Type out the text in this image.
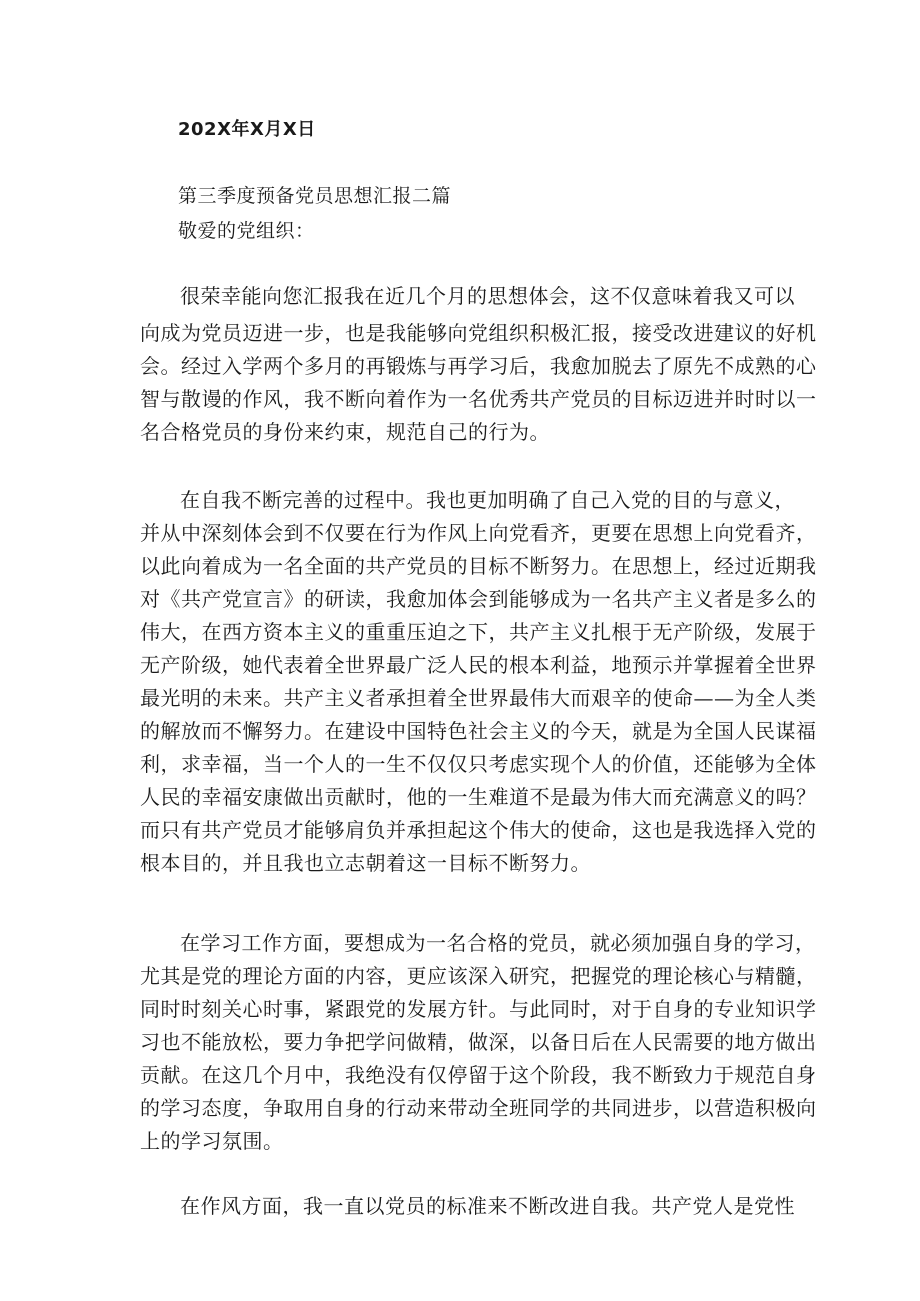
202X年X月X日
第三季度预备党员思想汇报二篇
敬爱的党组织：
很荣幸能向您汇报我在近几个月的思想体会，这不仅意味着我又可以
向成为党员迈进一步，也是我能够向党组织积极汇报，接受改进建议的好机
会。经过入学两个多月的再锻炼与再学习后，我愈加脱去了原先不成熟的心
智与散谩的作风，我不断向着作为一名优秀共产党员的目标迈进并时时以一
名合格党员的身份来约束，规范自己的行为。
在自我不断完善的过程中。我也更加明确了自己入党的目的与意义，
并从中深刻体会到不仅要在行为作风上向党看齐，更要在思想上向党看齐，
以此向着成为一名全面的共产党员的目标不断努力。在思想上，经过近期我
对《共产党宣言》的研读，我愈加体会到能够成为一名共产主义者是多么的
伟大，在西方资本主义的重重压迫之下，共产主义扎根于无产阶级，发展于
无产阶级，她代表着全世界最广泛人民的根本利益，地预示并掌握着全世界
最光明的未来。共产主义者承担着全世界最伟大而艰辛的使命——为全人类
的解放而不懈努力。在建设中国特色社会主义的今天，就是为全国人民谋福
利，求幸福，当一个人的一生不仅仅只考虑实现个人的价值，还能够为全体
人民的幸福安康做出贡献时，他的一生难道不是最为伟大而充满意义的吗？
而只有共产党员才能够肩负并承担起这个伟大的使命，这也是我选择入党的
根本目的，并且我也立志朝着这一目标不断努力。
在学习工作方面，要想成为一名合格的党员，就必须加强自身的学习，
尤其是党的理论方面的内容，更应该深入研究，把握党的理论核心与精髓，
同时时刻关心时事，紧跟党的发展方针。与此同时，对于自身的专业知识学
习也不能放松，要力争把学问做精，做深，以备日后在人民需要的地方做出
贡献。在这几个月中，我绝没有仅停留于这个阶段，我不断致力于规范自身
的学习态度，争取用自身的行动来带动全班同学的共同进步，以营造积极向
上的学习氛围。
在作风方面，我一直以党员的标准来不断改进自我。共产党人是党性
